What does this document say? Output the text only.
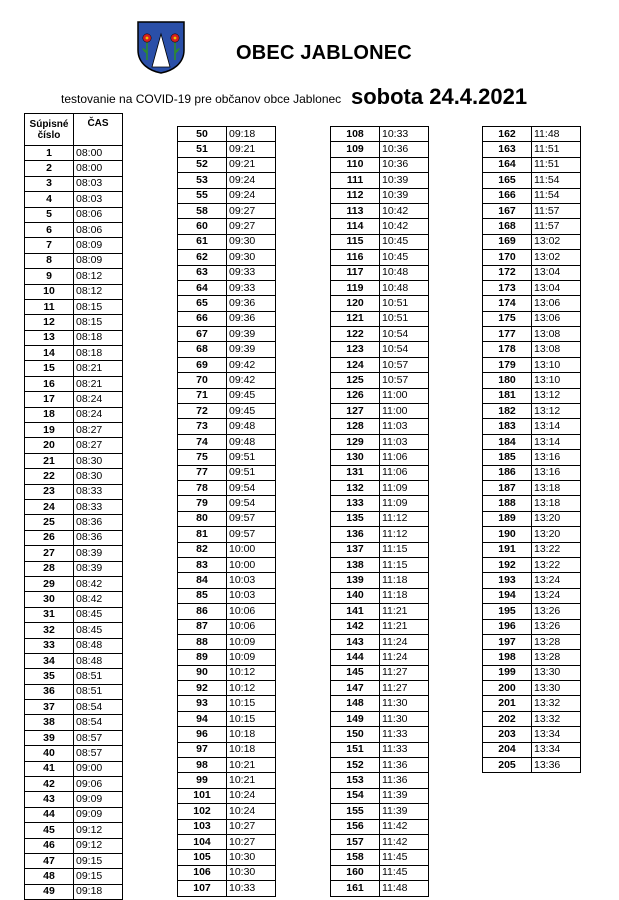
OBEC JABLONEC
testovanie na COVID-19 pre občanov obce Jablonec sobota 24.4.2021
Súpisné číslo	ČAS
1	08:00
2	08:00
3	08:03
4	08:03
5	08:06
6	08:06
7	08:09
8	08:09
9	08:12
10	08:12
11	08:15
12	08:15
13	08:18
14	08:18
15	08:21
16	08:21
17	08:24
18	08:24
19	08:27
20	08:27
21	08:30
22	08:30
23	08:33
24	08:33
25	08:36
26	08:36
27	08:39
28	08:39
29	08:42
30	08:42
31	08:45
32	08:45
33	08:48
34	08:48
35	08:51
36	08:51
37	08:54
38	08:54
39	08:57
40	08:57
41	09:00
42	09:06
43	09:09
44	09:09
45	09:12
46	09:12
47	09:15
48	09:15
49	09:18
50	09:18
51	09:21
52	09:21
53	09:24
55	09:24
58	09:27
60	09:27
61	09:30
62	09:30
63	09:33
64	09:33
65	09:36
66	09:36
67	09:39
68	09:39
69	09:42
70	09:42
71	09:45
72	09:45
73	09:48
74	09:48
75	09:51
77	09:51
78	09:54
79	09:54
80	09:57
81	09:57
82	10:00
83	10:00
84	10:03
85	10:03
86	10:06
87	10:06
88	10:09
89	10:09
90	10:12
92	10:12
93	10:15
94	10:15
96	10:18
97	10:18
98	10:21
99	10:21
101	10:24
102	10:24
103	10:27
104	10:27
105	10:30
106	10:30
107	10:33
108	10:33
109	10:36
110	10:36
111	10:39
112	10:39
113	10:42
114	10:42
115	10:45
116	10:45
117	10:48
119	10:48
120	10:51
121	10:51
122	10:54
123	10:54
124	10:57
125	10:57
126	11:00
127	11:00
128	11:03
129	11:03
130	11:06
131	11:06
132	11:09
133	11:09
135	11:12
136	11:12
137	11:15
138	11:15
139	11:18
140	11:18
141	11:21
142	11:21
143	11:24
144	11:24
145	11:27
147	11:27
148	11:30
149	11:30
150	11:33
151	11:33
152	11:36
153	11:36
154	11:39
155	11:39
156	11:42
157	11:42
158	11:45
160	11:45
161	11:48
162	11:48
163	11:51
164	11:51
165	11:54
166	11:54
167	11:57
168	11:57
169	13:02
170	13:02
172	13:04
173	13:04
174	13:06
175	13:06
177	13:08
178	13:08
179	13:10
180	13:10
181	13:12
182	13:12
183	13:14
184	13:14
185	13:16
186	13:16
187	13:18
188	13:18
189	13:20
190	13:20
191	13:22
192	13:22
193	13:24
194	13:24
195	13:26
196	13:26
197	13:28
198	13:28
199	13:30
200	13:30
201	13:32
202	13:32
203	13:34
204	13:34
205	13:36
